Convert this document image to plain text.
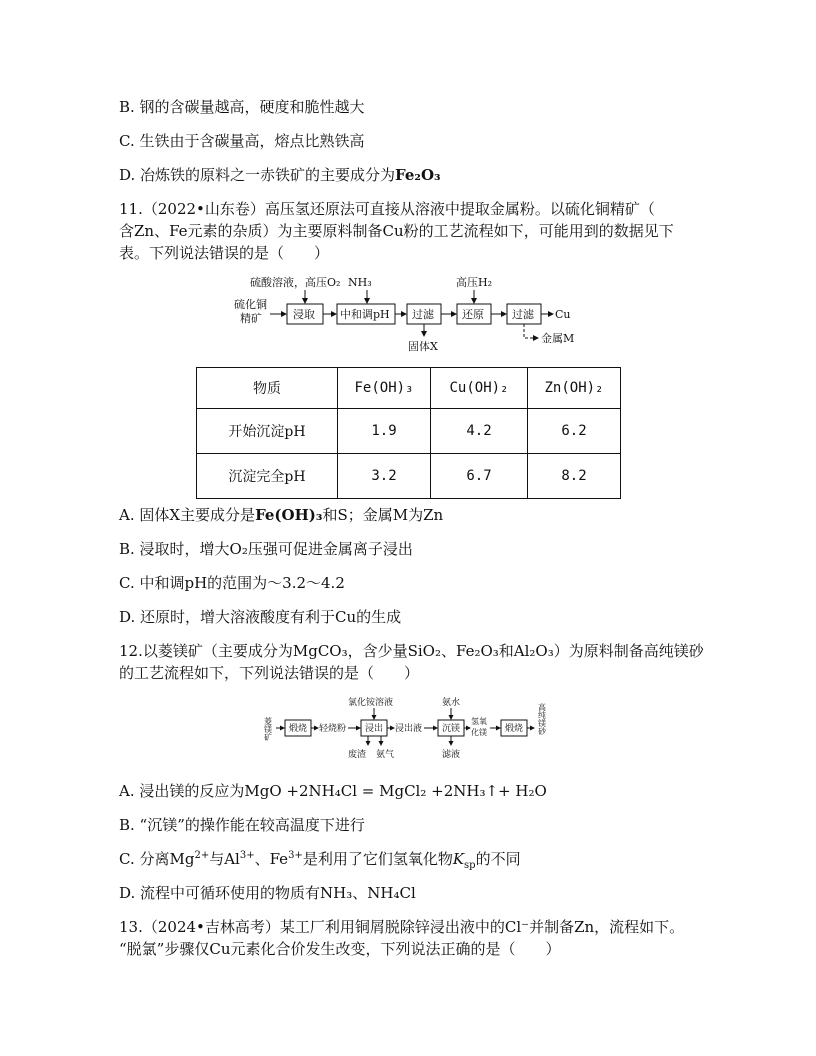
B. 钢的含碳量越高，硬度和脆性越大
C. 生铁由于含碳量高，熔点比熟铁高
D. 冶炼铁的原料之一赤铁矿的主要成分为Fe₂O₃
11.（2022•山东卷）高压氢还原法可直接从溶液中提取金属粉。以硫化铜精矿（
含Zn、Fe元素的杂质）为主要原料制备Cu粉的工艺流程如下，可能用到的数据见下
表。下列说法错误的是（　　）
硫酸溶液，高压O₂ NH₃	高压H₂
硫化铜
精矿	浸取 中和调pH 过滤
固体X
还原	过滤 Cu
金属M
物质	Fe(OH)₃	Cu(OH)₂	Zn(OH)₂
开始沉淀pH	1.9	4.2	6.2
沉淀完全pH	3.2	6.7	8.2
A. 固体X主要成分是Fe(OH)₃和S；金属M为Zn
B. 浸取时，增大O₂压强可促进金属离子浸出
C. 中和调pH的范围为～3.2～4.2
D. 还原时，增大溶液酸度有利于Cu的生成
12.以菱镁矿（主要成分为MgCO₃，含少量SiO₂、Fe₂O₃和Al₂O₃）为原料制备高纯镁砂
的工艺流程如下，下列说法错误的是（　　）
菱镁矿 煅烧 轻烧粉
氯化铵溶液
浸出
废渣 氨气
浸出液
氨水
沉镁
滤液
氢氧
化镁 煅烧 高纯镁砂
A. 浸出镁的反应为MgO +2NH₄Cl = MgCl₂ +2NH₃↑+ H₂O
B. “沉镁”的操作能在较高温度下进行
C. 分离$Mg^{2+}$与$Al^{3+}$、$Fe^{3+}$是利用了它们氢氧化物$K_{sp}$的不同
D. 流程中可循环使用的物质有NH₃、NH₄Cl
13.（2024•吉林高考）某工厂利用铜屑脱除锌浸出液中的Cl⁻并制备Zn，流程如下。
“脱氯”步骤仅Cu元素化合价发生改变，下列说法正确的是（　　）
